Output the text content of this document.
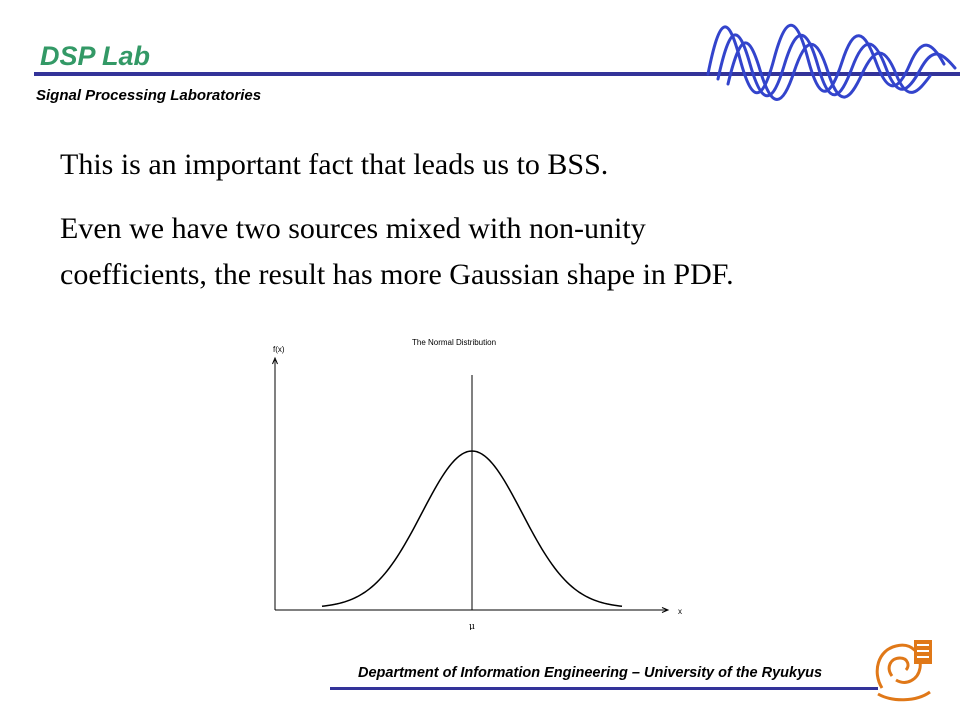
DSP Lab
Signal Processing Laboratories
This is an important fact that leads us to BSS.
Even we have two sources mixed with non-unity
coefficients, the result has more Gaussian shape in PDF.
The Normal Distribution
f(x)
x
μ
Department of Information Engineering – University of the Ryukyus
